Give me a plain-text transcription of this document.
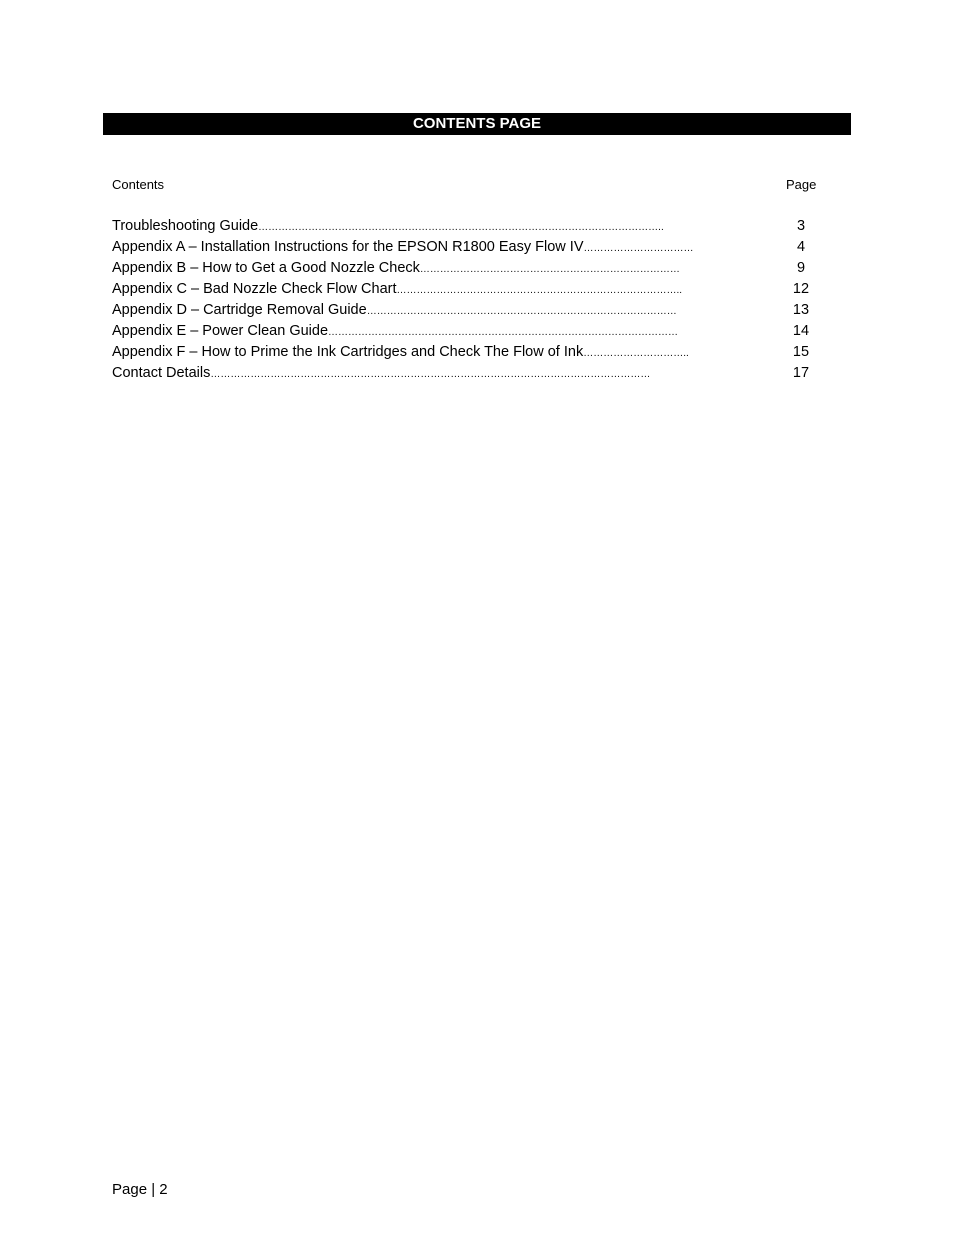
CONTENTS PAGE
Contents	Page
Troubleshooting Guide…………………………………………………………………………………………………………..	3
Appendix A – Installation Instructions for the EPSON R1800 Easy Flow IV……………………………	4
Appendix B – How to Get a Good Nozzle Check……………………………………………………………………	9
Appendix C – Bad Nozzle Check Flow Chart…………………………………………………………………………..	12
Appendix D – Cartridge Removal Guide…………………………………………………………………………………	13
Appendix E – Power Clean Guide……………………………………………………………………………………………	14
Appendix F – How to Prime the Ink Cartridges and Check The Flow of Ink…………………………..	15
Contact Details……………………………………………………………………………………………………………………	17
Page | 2
